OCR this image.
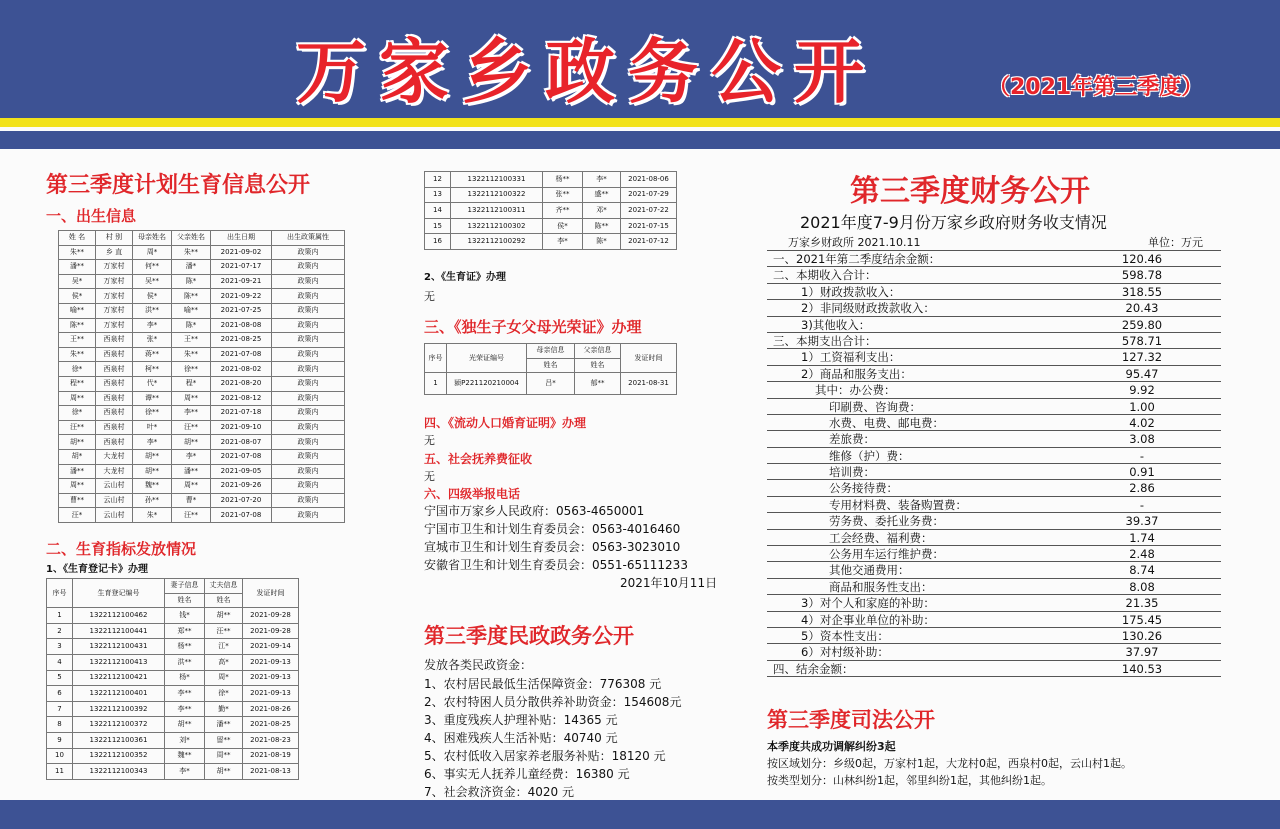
万家乡政务公开	（2021年第三季度）
第三季度计划生育信息公开
一、出生信息
姓 名	村 别	母亲姓名	父亲姓名	出生日期	出生政策属性
朱**	乡 直	周*	朱**	2021-09-02	政策内
潘**	万家村	何**	潘*	2021-07-17	政策内
吴*	万家村	吴**	陈*	2021-09-21	政策内
侯*	万家村	侯*	陈**	2021-09-22	政策内
喻**	万家村	洪**	喻**	2021-07-25	政策内
陈**	万家村	李*	陈*	2021-08-08	政策内
王**	西泉村	张*	王**	2021-08-25	政策内
朱**	西泉村	蒋**	朱**	2021-07-08	政策内
徐*	西泉村	柯**	徐**	2021-08-02	政策内
程**	西泉村	代*	程*	2021-08-20	政策内
周**	西泉村	谭**	周**	2021-08-12	政策内
徐*	西泉村	徐**	李**	2021-07-18	政策内
汪**	西泉村	叶*	汪**	2021-09-10	政策内
胡**	西泉村	李*	胡**	2021-08-07	政策内
胡*	大龙村	胡**	李*	2021-07-08	政策内
潘**	大龙村	胡**	潘**	2021-09-05	政策内
周**	云山村	魏**	周**	2021-09-26	政策内
曹**	云山村	孙**	曹*	2021-07-20	政策内
汪*	云山村	朱*	汪**	2021-07-08	政策内
二、生育指标发放情况
1、《生育登记卡》办理
序号	生育登记编号	妻子信息	丈夫信息	发证时间
		姓名	姓名	
1	1322112100462	钱*	胡**	2021-09-28
2	1322112100441	郑**	汪**	2021-09-28
3	1322112100431	杨**	江*	2021-09-14
4	1322112100413	洪**	高*	2021-09-13
5	1322112100421	杨*	周*	2021-09-13
6	1322112100401	李**	徐*	2021-09-13
7	1322112100392	李**	勤*	2021-08-26
8	1322112100372	胡**	潘**	2021-08-25
9	1322112100361	刘*	留**	2021-08-23
10	1322112100352	魏**	周**	2021-08-19
11	1322112100343	李*	胡**	2021-08-13
12	1322112100331	杨**	李*	2021-08-06
13	1322112100322	张**	盛**	2021-07-29
14	1322112100311	齐**	邓*	2021-07-22
15	1322112100302	侯*	陈**	2021-07-15
16	1322112100292	李*	陈*	2021-07-12
2、《生育证》办理
无
三、《独生子女父母光荣证》办理
序号	光荣证编号	母亲信息	父亲信息	发证时间
		姓名	姓名	
1	颍P221120210004	吕*	郁**	2021-08-31
四、《流动人口婚育证明》办理
无
五、社会抚养费征收
无
六、四级举报电话
宁国市万家乡人民政府：0563-4650001
宁国市卫生和计划生育委员会：0563-4016460
宣城市卫生和计划生育委员会：0563-3023010
安徽省卫生和计划生育委员会：0551-65111233
2021年10月11日
第三季度民政政务公开
发放各类民政资金：
1、农村居民最低生活保障资金：776308 元
2、农村特困人员分散供养补助资金：154608元
3、重度残疾人护理补贴：14365 元
4、困难残疾人生活补贴：40740 元
5、农村低收入居家养老服务补贴：18120 元
6、事实无人抚养儿童经费：16380 元
7、社会救济资金：4020 元
第三季度财务公开
2021年度7-9月份万家乡政府财务收支情况
万家乡财政所 2021.10.11	单位：万元
一、2021年第二季度结余金额：	120.46
二、本期收入合计：	598.78
1）财政拨款收入：	318.55
2）非同级财政拨款收入：	20.43
3)其他收入：	259.80
三、本期支出合计：	578.71
1）工资福利支出：	127.32
2）商品和服务支出：	95.47
其中：办公费：	9.92
印刷费、咨询费：	1.00
水费、电费、邮电费：	4.02
差旅费：	3.08
维修（护）费：	-
培训费：	0.91
公务接待费：	2.86
专用材料费、装备购置费：	-
劳务费、委托业务费：	39.37
工会经费、福利费：	1.74
公务用车运行维护费：	2.48
其他交通费用：	8.74
商品和服务性支出：	8.08
3）对个人和家庭的补助：	21.35
4）对企事业单位的补助：	175.45
5）资本性支出：	130.26
6）对村级补助：	37.97
四、结余金额：	140.53
第三季度司法公开
本季度共成功调解纠纷3起
按区域划分：乡级0起，万家村1起，大龙村0起，西泉村0起，云山村1起。
按类型划分：山林纠纷1起，邻里纠纷1起，其他纠纷1起。
